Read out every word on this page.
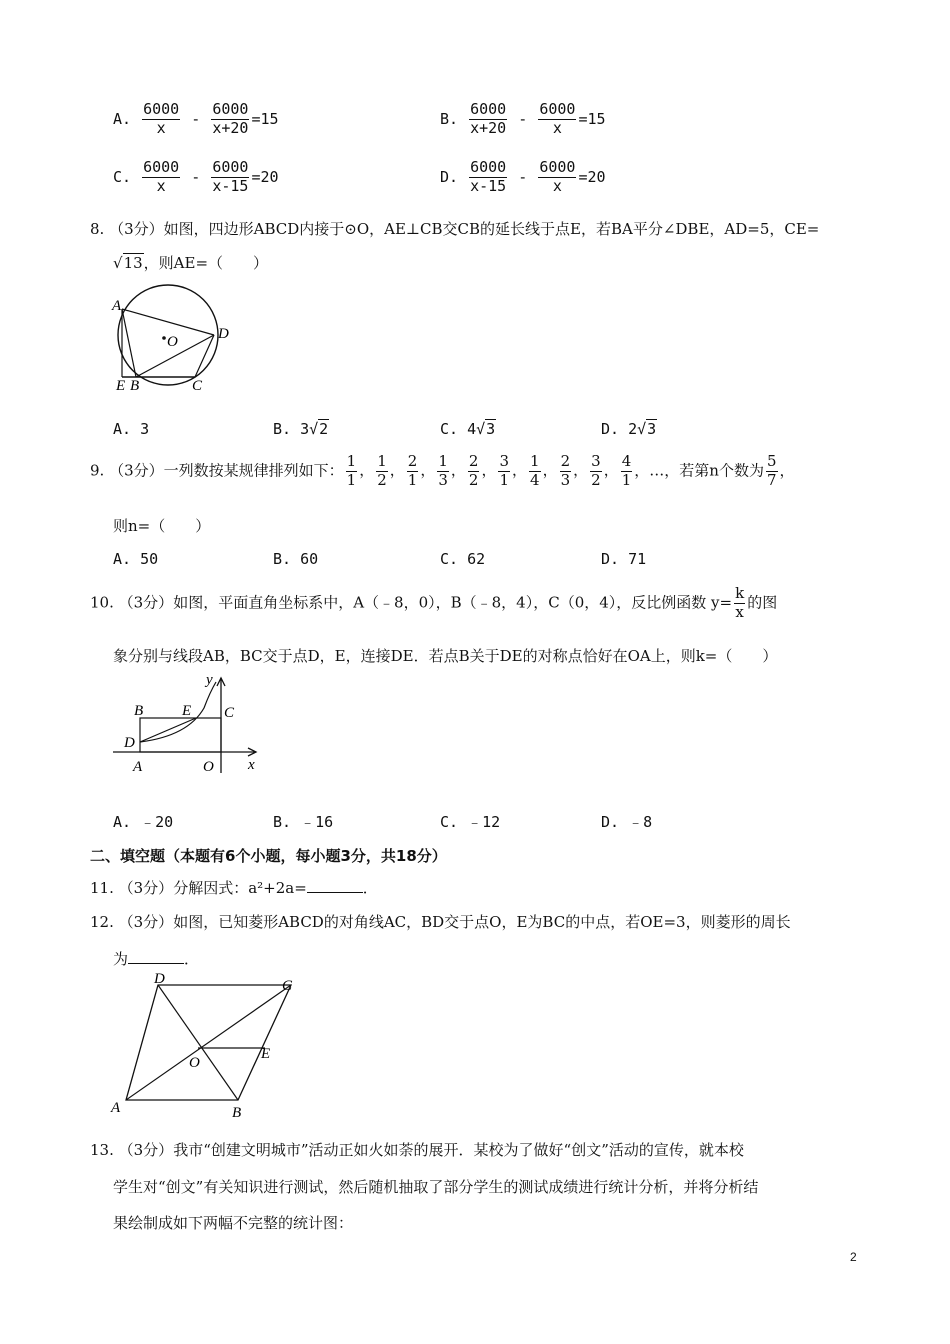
A. $\frac{6000}{x} - \frac{6000}{x+20} =15$	B. $\frac{6000}{x+20} - \frac{6000}{x} =15$
C. $\frac{6000}{x} - \frac{6000}{x-15} =20$	D. $\frac{6000}{x-15} - \frac{6000}{x} =20$
8. （3分）如图，四边形ABCD内接于⊙O，AE⊥CB交CB的延长线于点E，若BA平分∠DBE，AD=5，CE=
√13，则AE=（　　）
A
O	D
E B	C
A. 3	B. 3√2	C. 4√3	D. 2√3
9. （3分）一列数按某规律排列如下： $\frac{1}{1}$ ， $\frac{1}{2}$ ， $\frac{2}{1}$ ， $\frac{1}{3}$ ， $\frac{2}{2}$ ， $\frac{3}{1}$ ， $\frac{1}{4}$ ， $\frac{2}{3}$ ， $\frac{3}{2}$ ， $\frac{4}{1}$ ，…，若第n个数为 $\frac{5}{7}$ ，
则n=（　　）
A. 50	B. 60	C. 62	D. 71
10. （3分）如图，平面直角坐标系中，A（﹣8，0），B（﹣8，4），C（0，4），反比例函数 $y= \frac{k}{x}$ 的图
象分别与线段AB，BC交于点D，E，连接DE．若点B关于DE的对称点恰好在OA上，则k=（　　）
y
B	E C
D
A	O x
A. ﹣20	B. ﹣16	C. ﹣12	D. ﹣8
二、填空题（本题有6个小题，每小题3分，共18分）
11. （3分）分解因式：a²+2a=	．
12. （3分）如图，已知菱形ABCD的对角线AC，BD交于点O，E为BC的中点，若OE=3，则菱形的周长
为	．
D	C
O
E
A	B
13. （3分）我市“创建文明城市”活动正如火如荼的展开．某校为了做好“创文”活动的宣传，就本校
学生对“创文”有关知识进行测试，然后随机抽取了部分学生的测试成绩进行统计分析，并将分析结
果绘制成如下两幅不完整的统计图：
2
